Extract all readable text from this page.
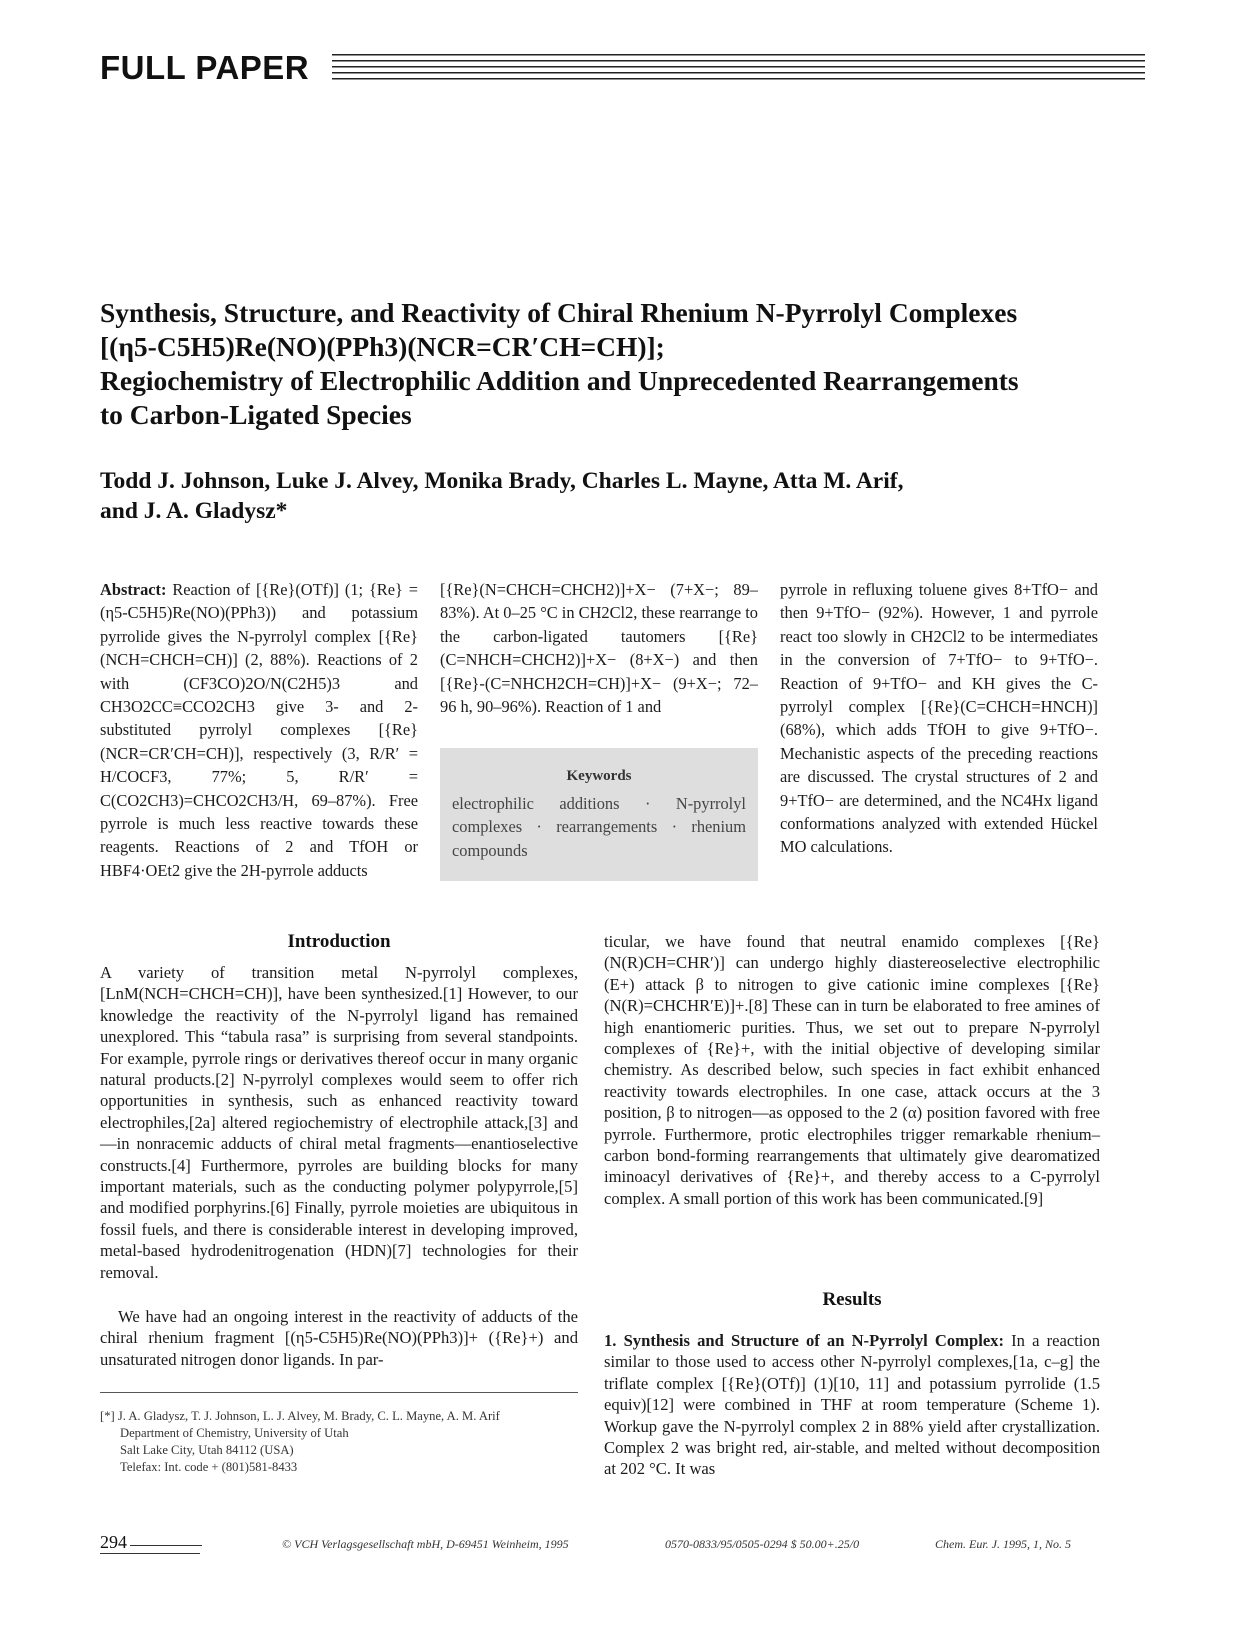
FULL PAPER
Synthesis, Structure, and Reactivity of Chiral Rhenium N-Pyrrolyl Complexes
[(η5-C5H5)Re(NO)(PPh3)(NCR=CR′CH=CH)];
Regiochemistry of Electrophilic Addition and Unprecedented Rearrangements
to Carbon-Ligated Species
Todd J. Johnson, Luke J. Alvey, Monika Brady, Charles L. Mayne, Atta M. Arif,
and J. A. Gladysz*

Abstract: Reaction of [{Re}(OTf)] (1; {Re} = (η5-C5H5)Re(NO)(PPh3)) and potassium pyrrolide gives the N-pyrrolyl complex [{Re}(NCH=CHCH=CH)] (2, 88%). Reactions of 2 with (CF3CO)2O/N(C2H5)3 and CH3O2CC≡CCO2CH3 give 3- and 2-substituted pyrrolyl complexes [{Re}(NCR=CR′CH=CH)], respectively (3, R/R′ = H/COCF3, 77%; 5, R/R′ = C(CO2CH3)=CHCO2CH3/H, 69–87%). Free pyrrole is much less reactive towards these reagents. Reactions of 2 and TfOH or HBF4·OEt2 give the 2H-pyrrole adducts

[{Re}(N=CHCH=CHCH2)]+X− (7+X−; 89–83%). At 0–25 °C in CH2Cl2, these rearrange to the carbon-ligated tautomers [{Re}(C=NHCH=CHCH2)]+X− (8+X−) and then [{Re}-(C=NHCH2CH=CH)]+X− (9+X−; 72–96 h, 90–96%). Reaction of 1 and

Keywords
electrophilic additions · N-pyrrolyl complexes · rearrangements · rhenium compounds

pyrrole in refluxing toluene gives 8+TfO− and then 9+TfO− (92%). However, 1 and pyrrole react too slowly in CH2Cl2 to be intermediates in the conversion of 7+TfO− to 9+TfO−. Reaction of 9+TfO− and KH gives the C-pyrrolyl complex [{Re}(C=CHCH=HNCH)] (68%), which adds TfOH to give 9+TfO−. Mechanistic aspects of the preceding reactions are discussed. The crystal structures of 2 and 9+TfO− are determined, and the NC4Hx ligand conformations analyzed with extended Hückel MO calculations.

Introduction

A variety of transition metal N-pyrrolyl complexes, [LnM(NCH=CHCH=CH)], have been synthesized.[1] However, to our knowledge the reactivity of the N-pyrrolyl ligand has remained unexplored. This “tabula rasa” is surprising from several standpoints. For example, pyrrole rings or derivatives thereof occur in many organic natural products.[2] N-pyrrolyl complexes would seem to offer rich opportunities in synthesis, such as enhanced reactivity toward electrophiles,[2a] altered regiochemistry of electrophile attack,[3] and—in nonracemic adducts of chiral metal fragments—enantioselective constructs.[4] Furthermore, pyrroles are building blocks for many important materials, such as the conducting polymer polypyrrole,[5] and modified porphyrins.[6] Finally, pyrrole moieties are ubiquitous in fossil fuels, and there is considerable interest in developing improved, metal-based hydrodenitrogenation (HDN)[7] technologies for their removal.

We have had an ongoing interest in the reactivity of adducts of the chiral rhenium fragment [(η5-C5H5)Re(NO)(PPh3)]+ ({Re}+) and unsaturated nitrogen donor ligands. In par-

ticular, we have found that neutral enamido complexes [{Re}(N(R)CH=CHR′)] can undergo highly diastereoselective electrophilic (E+) attack β to nitrogen to give cationic imine complexes [{Re}(N(R)=CHCHR′E)]+.[8] These can in turn be elaborated to free amines of high enantiomeric purities. Thus, we set out to prepare N-pyrrolyl complexes of {Re}+, with the initial objective of developing similar chemistry. As described below, such species in fact exhibit enhanced reactivity towards electrophiles. In one case, attack occurs at the 3 position, β to nitrogen—as opposed to the 2 (α) position favored with free pyrrole. Furthermore, protic electrophiles trigger remarkable rhenium–carbon bond-forming rearrangements that ultimately give dearomatized iminoacyl derivatives of {Re}+, and thereby access to a C-pyrrolyl complex. A small portion of this work has been communicated.[9]

Results

1. Synthesis and Structure of an N-Pyrrolyl Complex: In a reaction similar to those used to access other N-pyrrolyl complexes,[1a, c–g] the triflate complex [{Re}(OTf)] (1)[10, 11] and potassium pyrrolide (1.5 equiv)[12] were combined in THF at room temperature (Scheme 1). Workup gave the N-pyrrolyl complex 2 in 88% yield after crystallization. Complex 2 was bright red, air-stable, and melted without decomposition at 202 °C. It was

[*] J. A. Gladysz, T. J. Johnson, L. J. Alvey, M. Brady, C. L. Mayne, A. M. Arif
Department of Chemistry, University of Utah
Salt Lake City, Utah 84112 (USA)
Telefax: Int. code + (801)581-8433
294	© VCH Verlagsgesellschaft mbH, D-69451 Weinheim, 1995	0570-0833/95/0505-0294 $ 50.00+.25/0	Chem. Eur. J. 1995, 1, No. 5
